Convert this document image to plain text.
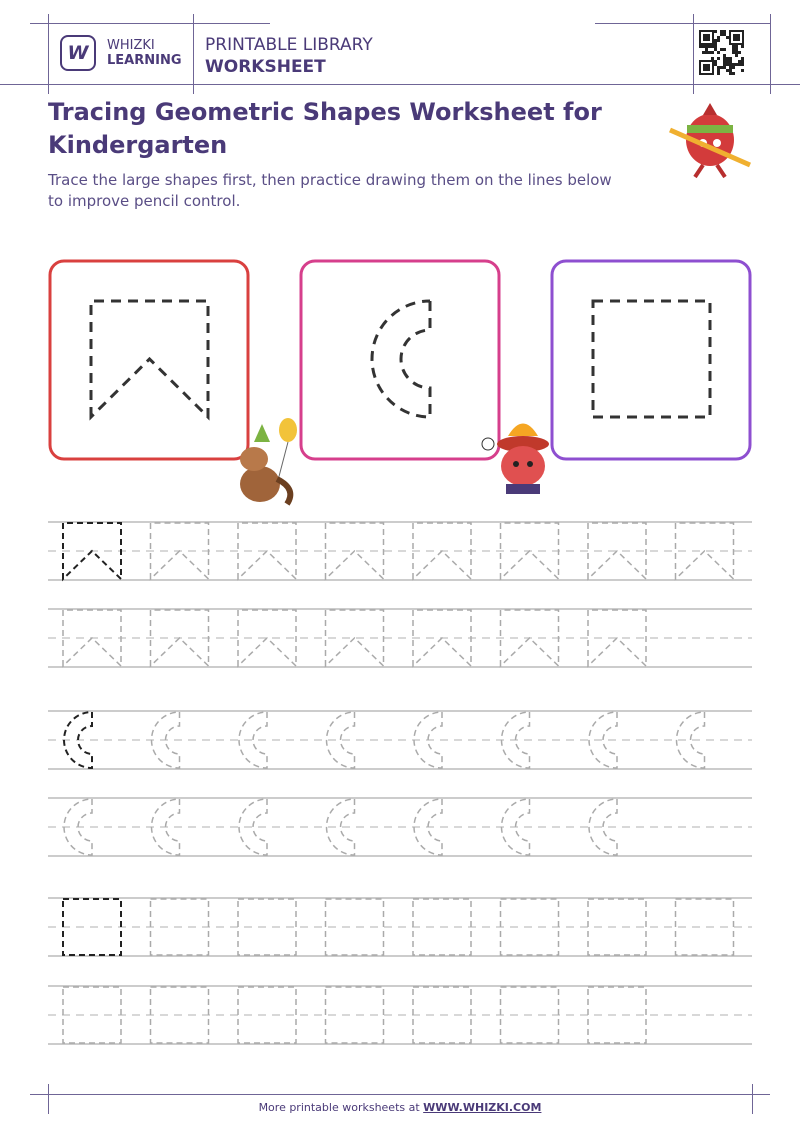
W WHIZKI
LEARNING
PRINTABLE LIBRARY
WORKSHEET
Tracing Geometric Shapes Worksheet for Kindergarten
Trace the large shapes first, then practice drawing them on the lines below to improve pencil control.
More printable worksheets at WWW.WHIZKI.COM
